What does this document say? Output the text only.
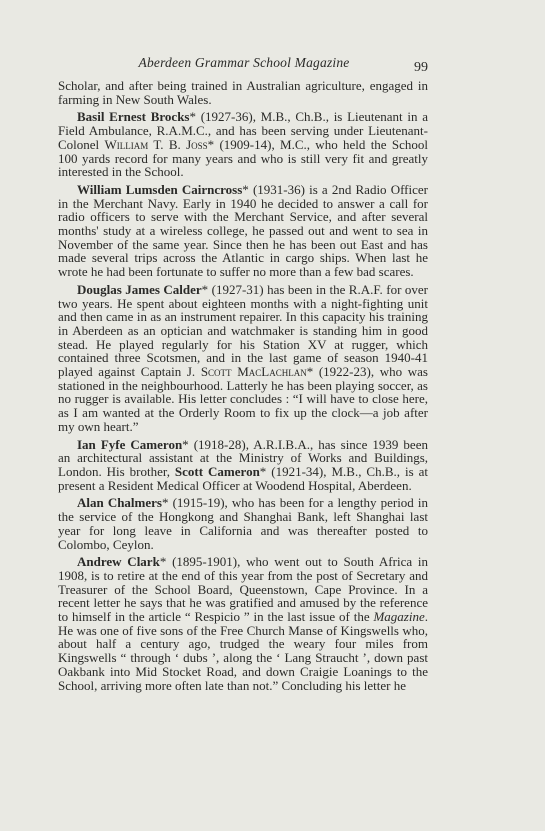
Aberdeen Grammar School Magazine	99

Scholar, and after being trained in Australian agriculture, engaged in farming in New South Wales.

Basil Ernest Brocks* (1927-36), M.B., Ch.B., is Lieutenant in a Field Ambulance, R.A.M.C., and has been serving under Lieutenant-Colonel William T. B. Joss* (1909-14), M.C., who held the School 100 yards record for many years and who is still very fit and greatly interested in the School.

William Lumsden Cairncross* (1931-36) is a 2nd Radio Officer in the Merchant Navy. Early in 1940 he decided to answer a call for radio officers to serve with the Merchant Service, and after several months' study at a wireless college, he passed out and went to sea in November of the same year. Since then he has been out East and has made several trips across the Atlantic in cargo ships. When last he wrote he had been fortunate to suffer no more than a few bad scares.

Douglas James Calder* (1927-31) has been in the R.A.F. for over two years. He spent about eighteen months with a night-fighting unit and then came in as an instrument repairer. In this capacity his training in Aberdeen as an optician and watchmaker is standing him in good stead. He played regularly for his Station XV at rugger, which contained three Scotsmen, and in the last game of season 1940-41 played against Captain J. Scott MacLachlan* (1922-23), who was stationed in the neighbourhood. Latterly he has been playing soccer, as no rugger is available. His letter concludes : “I will have to close here, as I am wanted at the Orderly Room to fix up the clock—a job after my own heart.”

Ian Fyfe Cameron* (1918-28), A.R.I.B.A., has since 1939 been an architectural assistant at the Ministry of Works and Buildings, London. His brother, Scott Cameron* (1921-34), M.B., Ch.B., is at present a Resident Medical Officer at Woodend Hospital, Aberdeen.

Alan Chalmers* (1915-19), who has been for a lengthy period in the service of the Hongkong and Shanghai Bank, left Shanghai last year for long leave in California and was thereafter posted to Colombo, Ceylon.

Andrew Clark* (1895-1901), who went out to South Africa in 1908, is to retire at the end of this year from the post of Secretary and Treasurer of the School Board, Queenstown, Cape Province. In a recent letter he says that he was gratified and amused by the reference to himself in the article “ Respicio ” in the last issue of the Magazine. He was one of five sons of the Free Church Manse of Kingswells who, about half a century ago, trudged the weary four miles from Kingswells “ through ‘ dubs ’, along the ‘ Lang Straucht ’, down past Oakbank into Mid Stocket Road, and down Craigie Loanings to the School, arriving more often late than not.” Concluding his letter he
